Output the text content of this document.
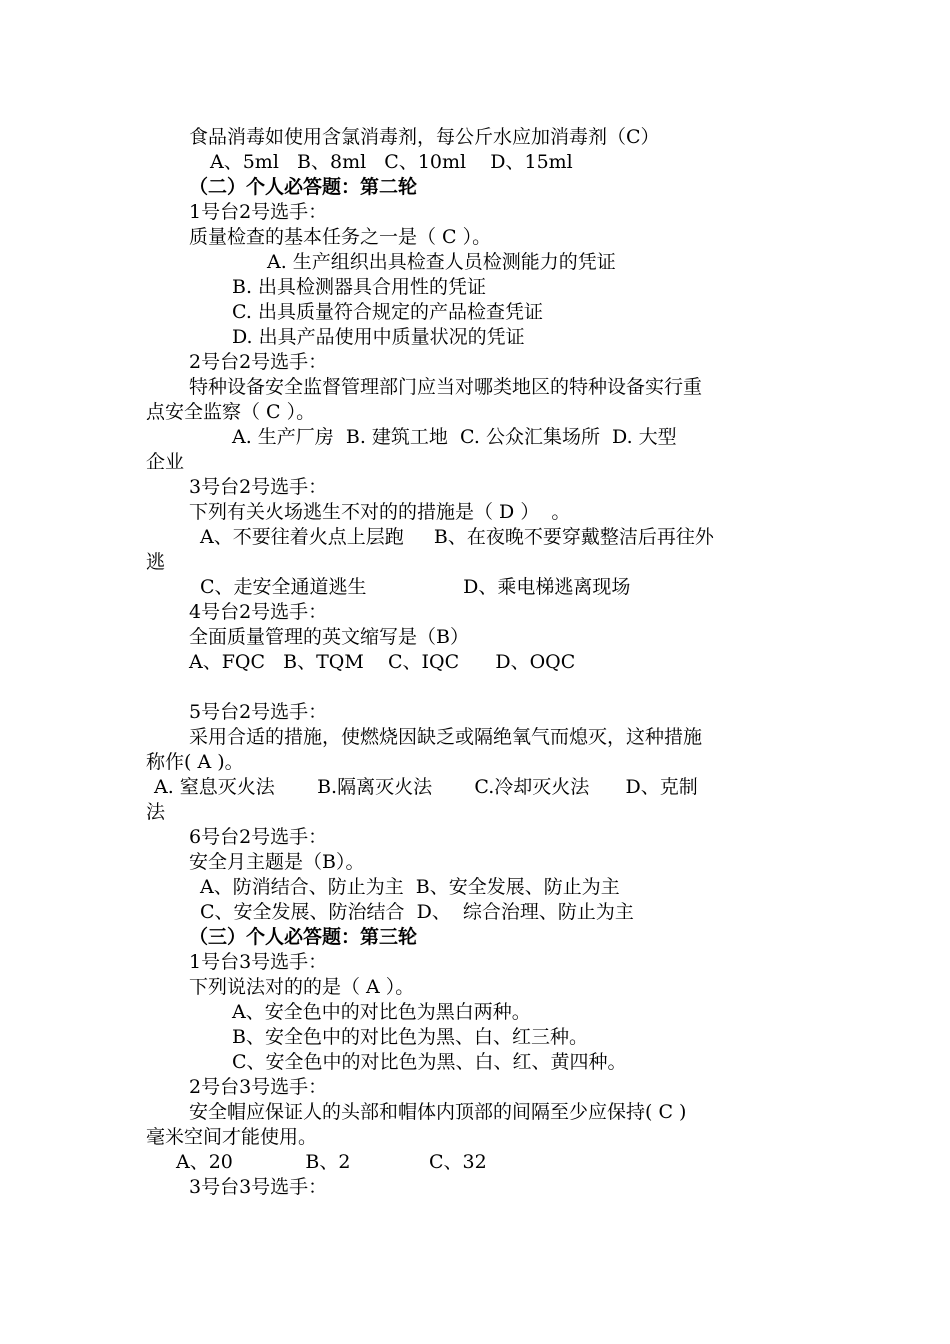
食品消毒如使用含氯消毒剂，每公斤水应加消毒剂（C）
A、5ml   B、8ml   C、10ml    D、15ml
（二）个人必答题：第二轮
1号台2号选手：
质量检查的基本任务之一是（ C ）。
A. 生产组织出具检查人员检测能力的凭证
B. 出具检测器具合用性的凭证
C. 出具质量符合规定的产品检查凭证
D. 出具产品使用中质量状况的凭证
2号台2号选手：
特种设备安全监督管理部门应当对哪类地区的特种设备实行重
点安全监察（ C ）。
A. 生产厂房  B. 建筑工地  C. 公众汇集场所  D. 大型
企业
3号台2号选手：
下列有关火场逃生不对的的措施是（ D ）  。
A、不要往着火点上层跑     B、在夜晚不要穿戴整洁后再往外
逃
C、走安全通道逃生                D、乘电梯逃离现场
4号台2号选手：
全面质量管理的英文缩写是（B）
A、FQC   B、TQM    C、IQC      D、OQC
5号台2号选手：
采用合适的措施，使燃烧因缺乏或隔绝氧气而熄灭，这种措施
称作( A )。
A. 窒息灭火法       B.隔离灭火法       C.冷却灭火法      D、克制
法
6号台2号选手：
安全月主题是（B）。
A、防消结合、防止为主  B、安全发展、防止为主
C、安全发展、防治结合  D、  综合治理、防止为主
（三）个人必答题：第三轮
1号台3号选手：
下列说法对的的是（ A ）。
A、安全色中的对比色为黑白两种。
B、安全色中的对比色为黑、白、红三种。
C、安全色中的对比色为黑、白、红、黄四种。
2号台3号选手：
安全帽应保证人的头部和帽体内顶部的间隔至少应保持( C )
毫米空间才能使用。
A、20            B、2             C、32
3号台3号选手：
